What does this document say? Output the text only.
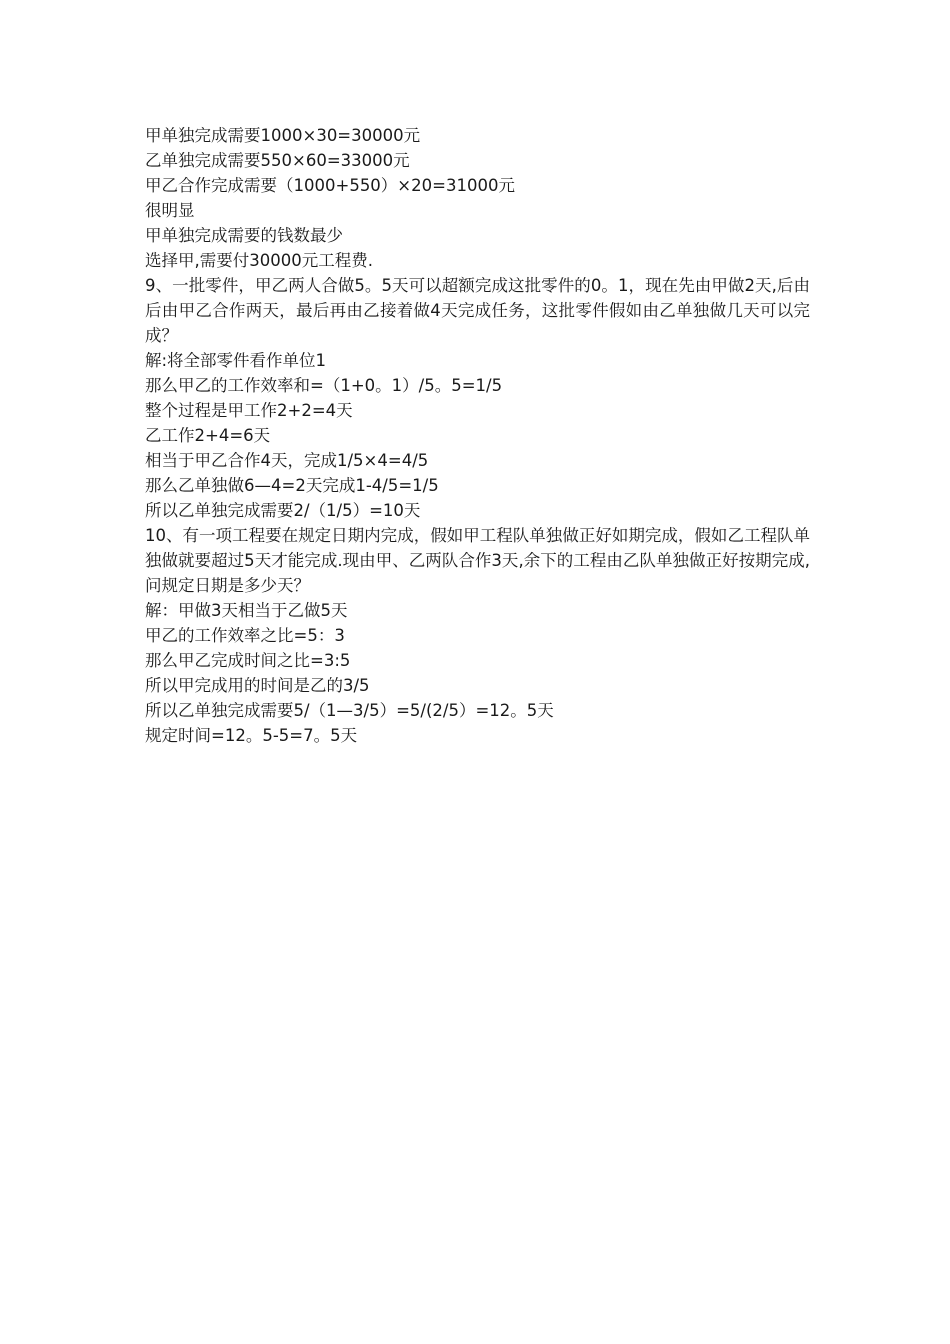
甲单独完成需要1000×30=30000元
乙单独完成需要550×60=33000元
甲乙合作完成需要（1000+550）×20=31000元
很明显
甲单独完成需要的钱数最少
选择甲,需要付30000元工程费.
9、一批零件，甲乙两人合做5。5天可以超额完成这批零件的0。1，现在先由甲做2天,后由后由甲乙合作两天，最后再由乙接着做4天完成任务，这批零件假如由乙单独做几天可以完成？
解:将全部零件看作单位1
那么甲乙的工作效率和=（1+0。1）/5。5=1/5
整个过程是甲工作2+2=4天
乙工作2+4=6天
相当于甲乙合作4天，完成1/5×4=4/5
那么乙单独做6—4=2天完成1-4/5=1/5
所以乙单独完成需要2/（1/5）=10天
10、有一项工程要在规定日期内完成，假如甲工程队单独做正好如期完成，假如乙工程队单独做就要超过5天才能完成.现由甲、乙两队合作3天,余下的工程由乙队单独做正好按期完成,问规定日期是多少天？
解：甲做3天相当于乙做5天
甲乙的工作效率之比=5：3
那么甲乙完成时间之比=3:5
所以甲完成用的时间是乙的3/5
所以乙单独完成需要5/（1—3/5）=5/(2/5）=12。5天
规定时间=12。5-5=7。5天
